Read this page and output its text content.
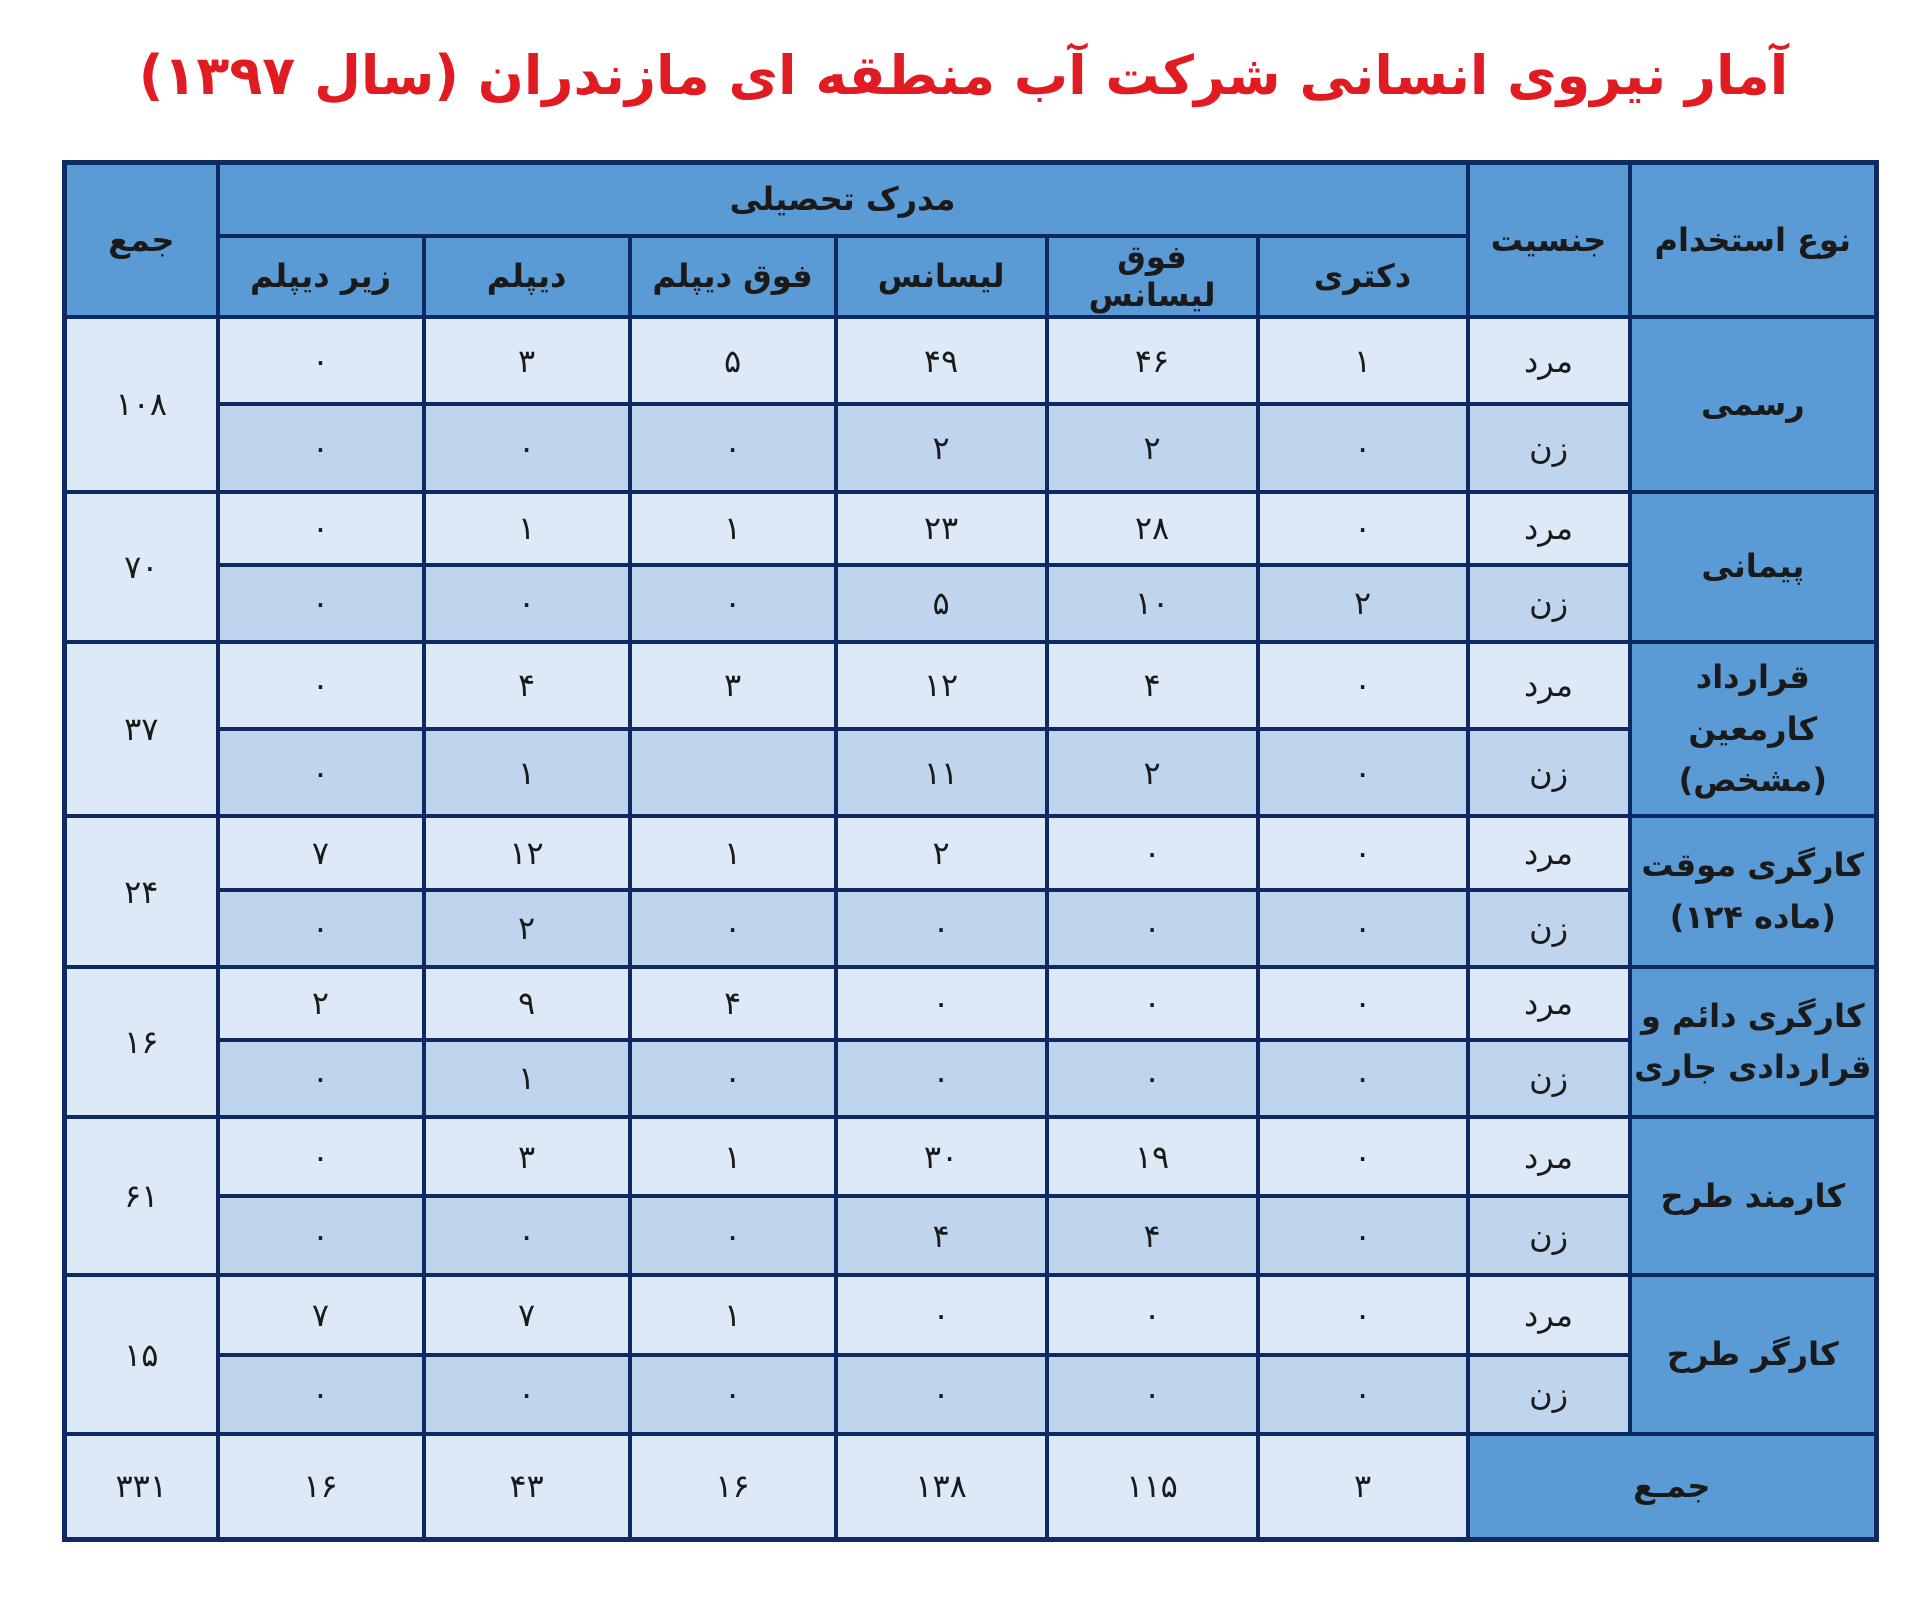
آمار نیروی انسانی شرکت آب منطقه ای مازندران (سال ۱۳۹۷)
نوع استخدام	جنسیت	مدرک تحصیلی						جمع
		دکتری	فوق لیسانس	لیسانس	فوق دیپلم	دیپلم	زیر دیپلم	

رسمی	مرد	۱	۴۶	۴۹	۵	۳	۰	۱۰۸
	زن	۰	۲	۲	۰	۰	۰	

پیمانی	مرد	۰	۲۸	۲۳	۱	۱	۰	۷۰
	زن	۲	۱۰	۵	۰	۰	۰	

قرارداد کارمعین
(مشخص)	مرد	۰	۴	۱۲	۳	۴	۰	۳۷
	زن	۰	۲	۱۱		۱	۰	

کارگری موقت
(ماده ۱۲۴)	مرد	۰	۰	۲	۱	۱۲	۷	۲۴
	زن	۰	۰	۰	۰	۲	۰	

کارگری دائم و
قراردادی جاری	مرد	۰	۰	۰	۴	۹	۲	۱۶
	زن	۰	۰	۰	۰	۱	۰	

کارمند طرح	مرد	۰	۱۹	۳۰	۱	۳	۰	۶۱
	زن	۰	۴	۴	۰	۰	۰	

کارگر طرح	مرد	۰	۰	۰	۱	۷	۷	۱۵
	زن	۰	۰	۰	۰	۰	۰	
جمـع		۳	۱۱۵	۱۳۸	۱۶	۴۳	۱۶	۳۳۱
